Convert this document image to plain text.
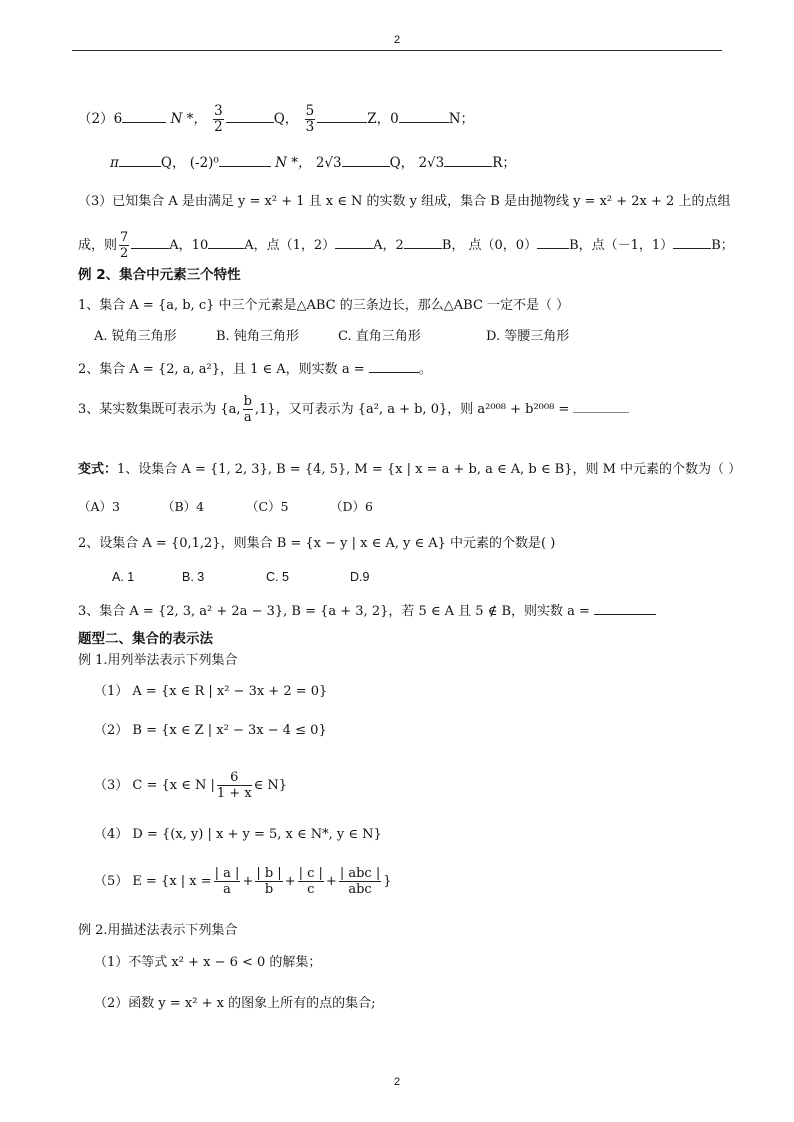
2
（2）6	N *， $\frac{3}{2}$	Q， $\frac{5}{3}$	Z，0	N；
π	Q， (-2)⁰	N *， 2√3	Q， 2√3	R；
（3）已知集合 A 是由满足 y = x² + 1 且 x ∈ N 的实数 y 组成，集合 B 是由抛物线 y = x² + 2x + 2 上的点组
成，则 $\frac{7}{2}$	A，10	A，点（1，2）	A，2	B， 点（0，0） B，点（－1，1）	B；
例 2、集合中元素三个特性
1、集合 A = {a, b, c} 中三个元素是△ABC 的三条边长，那么△ABC 一定不是（ ）
A. 锐角三角形	B. 钝角三角形	C. 直角三角形	D. 等腰三角形
2、集合 A = {2, a, a²}，且 1 ∈ A，则实数 a =	。
3、某实数集既可表示为 {a, $\frac{b}{a} ,1$}，又可表示为 {a², a + b, 0}，则 a²⁰⁰⁸ + b²⁰⁰⁸ =
变式：1、设集合 A = {1, 2, 3}, B = {4, 5}, M = {x | x = a + b, a ∈ A, b ∈ B}，则 M 中元素的个数为（ ）
（A）3	（B）4	（C）5	（D）6
2、设集合 A = {0,1,2}，则集合 B = {x − y | x ∈ A, y ∈ A} 中元素的个数是( )
A. 1	B. 3	C. 5	D.9
3、集合 A = {2, 3, a² + 2a − 3}, B = {a + 3, 2}，若 5 ∈ A 且 5 ∉ B，则实数 a =
题型二、集合的表示法
例 1.用列举法表示下列集合
（1） A = {x ∈ R | x² − 3x + 2 = 0}
（2） B = {x ∈ Z | x² − 3x − 4 ≤ 0}
（3） C = {x ∈ N | $\frac{6}{1 + x}$ ∈ N}
（4） D = {(x, y) | x + y = 5, x ∈ N*, y ∈ N}
（5） E = {x | $x = \frac{| a |}{a} + \frac{| b |}{b} + \frac{| c |}{c} + \frac{\text{| abc |}}{\text{abc}}$ }
例 2.用描述法表示下列集合
（1）不等式 x² + x − 6 < 0 的解集；
（2）函数 y = x² + x 的图象上所有的点的集合;
2
